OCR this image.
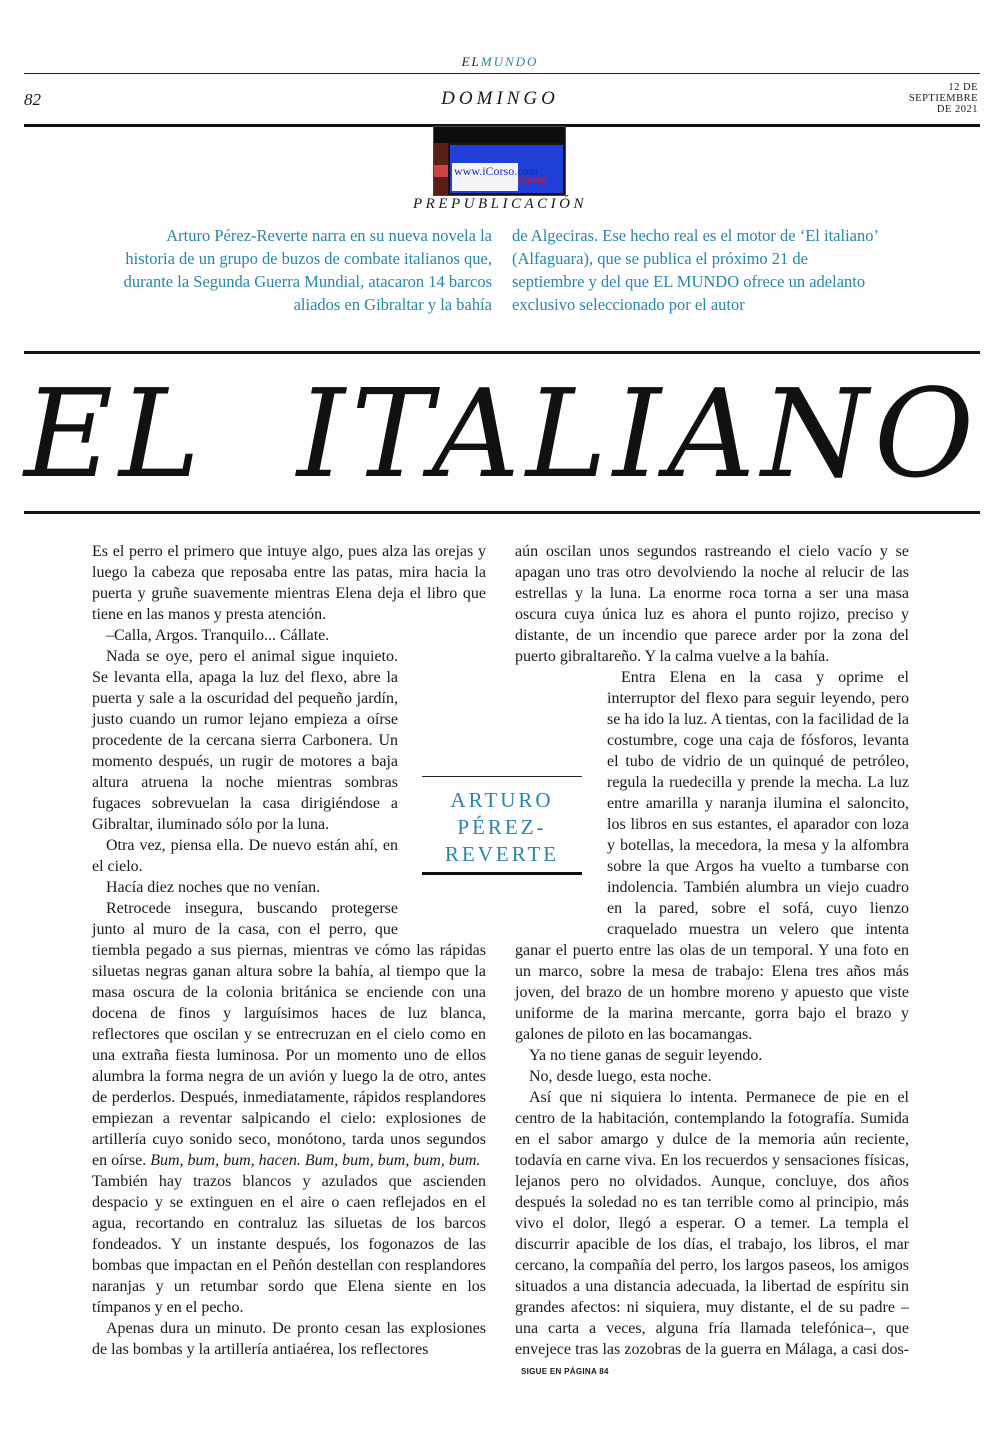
ELMUNDO
82	DOMINGO
12 DE
SEPTIEMBRE
DE 2021
www.iCorso.com
iCorso
PREPUBLICACIÓN
Arturo Pérez-Reverte narra en su nueva novela la historia de un grupo de buzos de combate italianos que, durante la Segunda Guerra Mundial, atacaron 14 barcos aliados en Gibraltar y la bahía
de Algeciras. Ese hecho real es el motor de ‘El italiano’ (Alfaguara), que se publica el próximo 21 de septiembre y del que EL MUNDO ofrece un adelanto exclusivo seleccionado por el autor
EL ITALIANO

Es el perro el primero que intuye algo, pues alza las orejas y luego la cabeza que reposaba entre las patas, mira hacia la puerta y gruñe suavemente mientras Elena deja el libro que tiene en las manos y presta atención.

–Calla, Argos. Tranquilo... Cállate.

Nada se oye, pero el animal sigue inquieto. Se levanta ella, apaga la luz del flexo, abre la puerta y sale a la oscuridad del pequeño jardín, justo cuando un rumor lejano empieza a oírse procedente de la cercana sierra Carbonera. Un momento después, un rugir de motores a baja altura atruena la noche mientras sombras fugaces sobrevuelan la casa dirigiéndose a Gibraltar, iluminado sólo por la luna.

Otra vez, piensa ella. De nuevo están ahí, en el cielo.

Hacía diez noches que no venían.

Retrocede insegura, buscando protegerse junto al muro de la casa, con el perro, que tiembla pegado a sus piernas, mientras ve cómo las rápidas siluetas negras ganan altura sobre la bahía, al tiempo que la masa oscura de la colonia británica se enciende con una docena de finos y larguísimos haces de luz blanca, reflectores que oscilan y se entrecruzan en el cielo como en una extraña fiesta luminosa. Por un momento uno de ellos alumbra la forma negra de un avión y luego la de otro, antes de perderlos. Después, inmediatamente, rápidos resplandores empiezan a reventar salpicando el cielo: explosiones de artillería cuyo sonido seco, monótono, tarda unos segundos en oírse. Bum, bum, bum, hacen. Bum, bum, bum, bum, bum.

También hay trazos blancos y azulados que ascienden despacio y se extinguen en el aire o caen reflejados en el agua, recortando en contraluz las siluetas de los barcos fondeados. Y un instante después, los fogonazos de las bombas que impactan en el Peñón destellan con resplandores naranjas y un retumbar sordo que Elena siente en los tímpanos y en el pecho.

Apenas dura un minuto. De pronto cesan las explosiones de las bombas y la artillería antiaérea, los reflectores

aún oscilan unos segundos rastreando el cielo vacío y se apagan uno tras otro devolviendo la noche al relucir de las estrellas y la luna. La enorme roca torna a ser una masa oscura cuya única luz es ahora el punto rojizo, preciso y distante, de un incendio que parece arder por la zona del puerto gibraltareño. Y la calma vuelve a la bahía.

Entra Elena en la casa y oprime el interruptor del flexo para seguir leyendo, pero se ha ido la luz. A tientas, con la facilidad de la costumbre, coge una caja de fósforos, levanta el tubo de vidrio de un quinqué de petróleo, regula la ruedecilla y prende la mecha. La luz entre amarilla y naranja ilumina el saloncito, los libros en sus estantes, el aparador con loza y botellas, la mecedora, la mesa y la alfombra sobre la que Argos ha vuelto a tumbarse con indolencia. También alumbra un viejo cuadro en la pared, sobre el sofá, cuyo lienzo craquelado muestra un velero que intenta ganar el puerto entre las olas de un temporal. Y una foto en un marco, sobre la mesa de trabajo: Elena tres años más joven, del brazo de un hombre moreno y apuesto que viste uniforme de la marina mercante, gorra bajo el brazo y galones de piloto en las bocamangas.

Ya no tiene ganas de seguir leyendo.

No, desde luego, esta noche.

Así que ni siquiera lo intenta. Permanece de pie en el centro de la habitación, contemplando la fotografía. Sumida en el sabor amargo y dulce de la memoria aún reciente, todavía en carne viva. En los recuerdos y sensaciones físicas, lejanos pero no olvidados. Aunque, concluye, dos años después la soledad no es tan terrible como al principio, más vivo el dolor, llegó a esperar. O a temer. La templa el discurrir apacible de los días, el trabajo, los libros, el mar cercano, la compañía del perro, los largos paseos, los amigos situados a una distancia adecuada, la libertad de espíritu sin grandes afectos: ni siquiera, muy distante, el de su padre –una carta a veces, alguna fría llamada telefónica–, que envejece tras las zozobras de la guerra en Málaga, a casi dos-SIGUE EN PÁGINA 84

ARTURO
PÉREZ-
REVERTE
